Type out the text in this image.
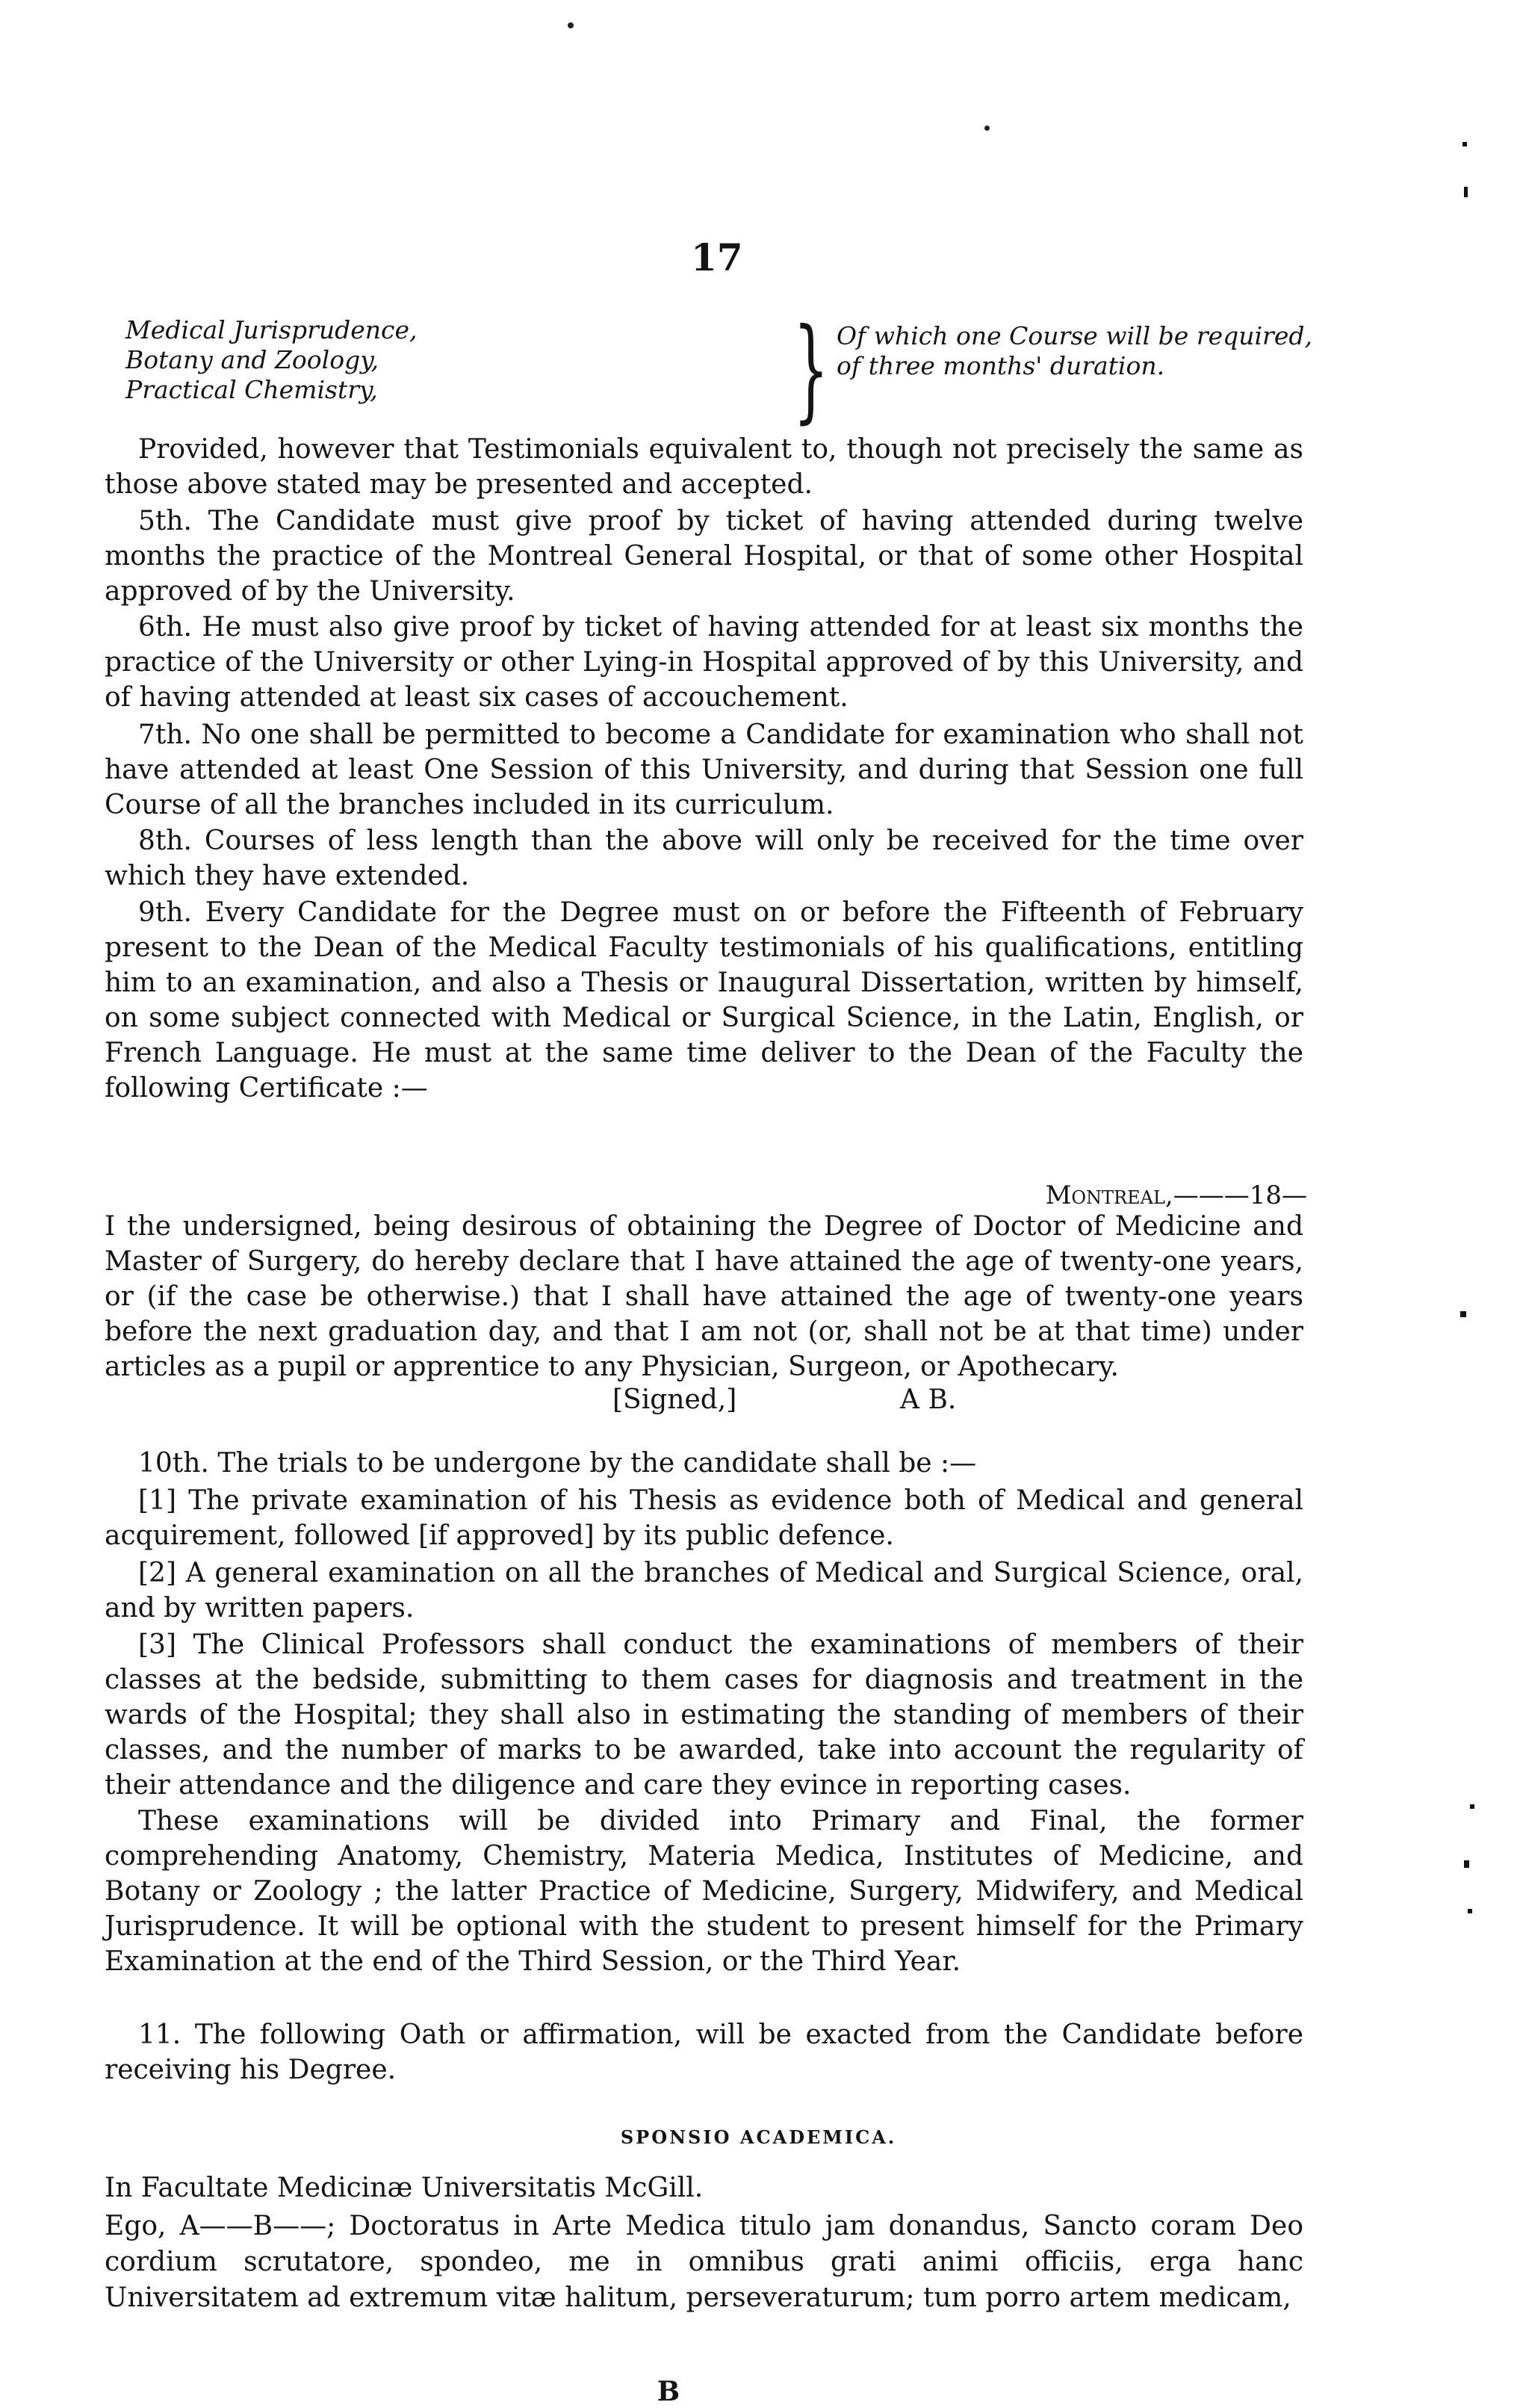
17
Medical Jurisprudence,
Botany and Zoology,
Practical Chemistry,	} Of which one Course will be required, of three months' duration.
Provided, however that Testimonials equivalent to, though not precisely the same as those above stated may be presented and accepted.
5th. The Candidate must give proof by ticket of having attended during twelve months the practice of the Montreal General Hospital, or that of some other Hospital approved of by the University.
6th. He must also give proof by ticket of having attended for at least six months the practice of the University or other Lying-in Hospital approved of by this University, and of having attended at least six cases of accouchement.
7th. No one shall be permitted to become a Candidate for examination who shall not have attended at least One Session of this University, and during that Session one full Course of all the branches included in its curriculum.
8th. Courses of less length than the above will only be received for the time over which they have extended.
9th. Every Candidate for the Degree must on or before the Fifteenth of February present to the Dean of the Medical Faculty testimonials of his qualifications, entitling him to an examination, and also a Thesis or Inaugural Dissertation, written by himself, on some subject connected with Medical or Surgical Science, in the Latin, English, or French Language. He must at the same time deliver to the Dean of the Faculty the following Certificate :—
Montreal,———18—
I the undersigned, being desirous of obtaining the Degree of Doctor of Medicine and Master of Surgery, do hereby declare that I have attained the age of twenty-one years, or (if the case be otherwise.) that I shall have attained the age of twenty-one years before the next graduation day, and that I am not (or, shall not be at that time) under articles as a pupil or apprentice to any Physician, Surgeon, or Apothecary.
[Signed,]	A B.
10th. The trials to be undergone by the candidate shall be :—
[1] The private examination of his Thesis as evidence both of Medical and general acquirement, followed [if approved] by its public defence.
[2] A general examination on all the branches of Medical and Surgical Science, oral, and by written papers.
[3] The Clinical Professors shall conduct the examinations of members of their classes at the bedside, submitting to them cases for diagnosis and treatment in the wards of the Hospital; they shall also in estimating the standing of members of their classes, and the number of marks to be awarded, take into account the regularity of their attendance and the diligence and care they evince in reporting cases.
These examinations will be divided into Primary and Final, the former comprehending Anatomy, Chemistry, Materia Medica, Institutes of Medicine, and Botany or Zoology ; the latter Practice of Medicine, Surgery, Midwifery, and Medical Jurisprudence. It will be optional with the student to present himself for the Primary Examination at the end of the Third Session, or the Third Year.
11. The following Oath or affirmation, will be exacted from the Candidate before receiving his Degree.
SPONSIO ACADEMICA.
In Facultate Medicinæ Universitatis McGill.
Ego, A——B——; Doctoratus in Arte Medica titulo jam donandus, Sancto coram Deo cordium scrutatore, spondeo, me in omnibus grati animi officiis, erga hanc Universitatem ad extremum vitæ halitum, perseveraturum; tum porro artem medicam,
B
